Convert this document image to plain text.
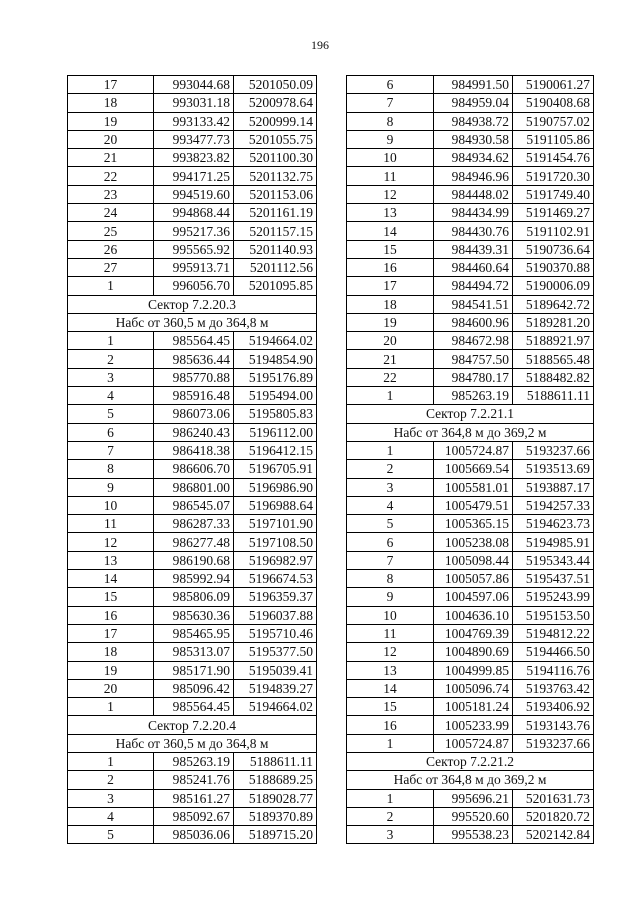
196
17	993044.68	5201050.09
18	993031.18	5200978.64
19	993133.42	5200999.14
20	993477.73	5201055.75
21	993823.82	5201100.30
22	994171.25	5201132.75
23	994519.60	5201153.06
24	994868.44	5201161.19
25	995217.36	5201157.15
26	995565.92	5201140.93
27	995913.71	5201112.56
1	996056.70	5201095.85
Сектор 7.2.20.3		
Набс от 360,5 м до 364,8 м		
1	985564.45	5194664.02
2	985636.44	5194854.90
3	985770.88	5195176.89
4	985916.48	5195494.00
5	986073.06	5195805.83
6	986240.43	5196112.00
7	986418.38	5196412.15
8	986606.70	5196705.91
9	986801.00	5196986.90
10	986545.07	5196988.64
11	986287.33	5197101.90
12	986277.48	5197108.50
13	986190.68	5196982.97
14	985992.94	5196674.53
15	985806.09	5196359.37
16	985630.36	5196037.88
17	985465.95	5195710.46
18	985313.07	5195377.50
19	985171.90	5195039.41
20	985096.42	5194839.27
1	985564.45	5194664.02
Сектор 7.2.20.4		
Набс от 360,5 м до 364,8 м		
1	985263.19	5188611.11
2	985241.76	5188689.25
3	985161.27	5189028.77
4	985092.67	5189370.89
5	985036.06	5189715.20
6	984991.50	5190061.27
7	984959.04	5190408.68
8	984938.72	5190757.02
9	984930.58	5191105.86
10	984934.62	5191454.76
11	984946.96	5191720.30
12	984448.02	5191749.40
13	984434.99	5191469.27
14	984430.76	5191102.91
15	984439.31	5190736.64
16	984460.64	5190370.88
17	984494.72	5190006.09
18	984541.51	5189642.72
19	984600.96	5189281.20
20	984672.98	5188921.97
21	984757.50	5188565.48
22	984780.17	5188482.82
1	985263.19	5188611.11
Сектор 7.2.21.1		
Набс от 364,8 м до 369,2 м		
1	1005724.87	5193237.66
2	1005669.54	5193513.69
3	1005581.01	5193887.17
4	1005479.51	5194257.33
5	1005365.15	5194623.73
6	1005238.08	5194985.91
7	1005098.44	5195343.44
8	1005057.86	5195437.51
9	1004597.06	5195243.99
10	1004636.10	5195153.50
11	1004769.39	5194812.22
12	1004890.69	5194466.50
13	1004999.85	5194116.76
14	1005096.74	5193763.42
15	1005181.24	5193406.92
16	1005233.99	5193143.76
1	1005724.87	5193237.66
Сектор 7.2.21.2		
Набс от 364,8 м до 369,2 м		
1	995696.21	5201631.73
2	995520.60	5201820.72
3	995538.23	5202142.84
